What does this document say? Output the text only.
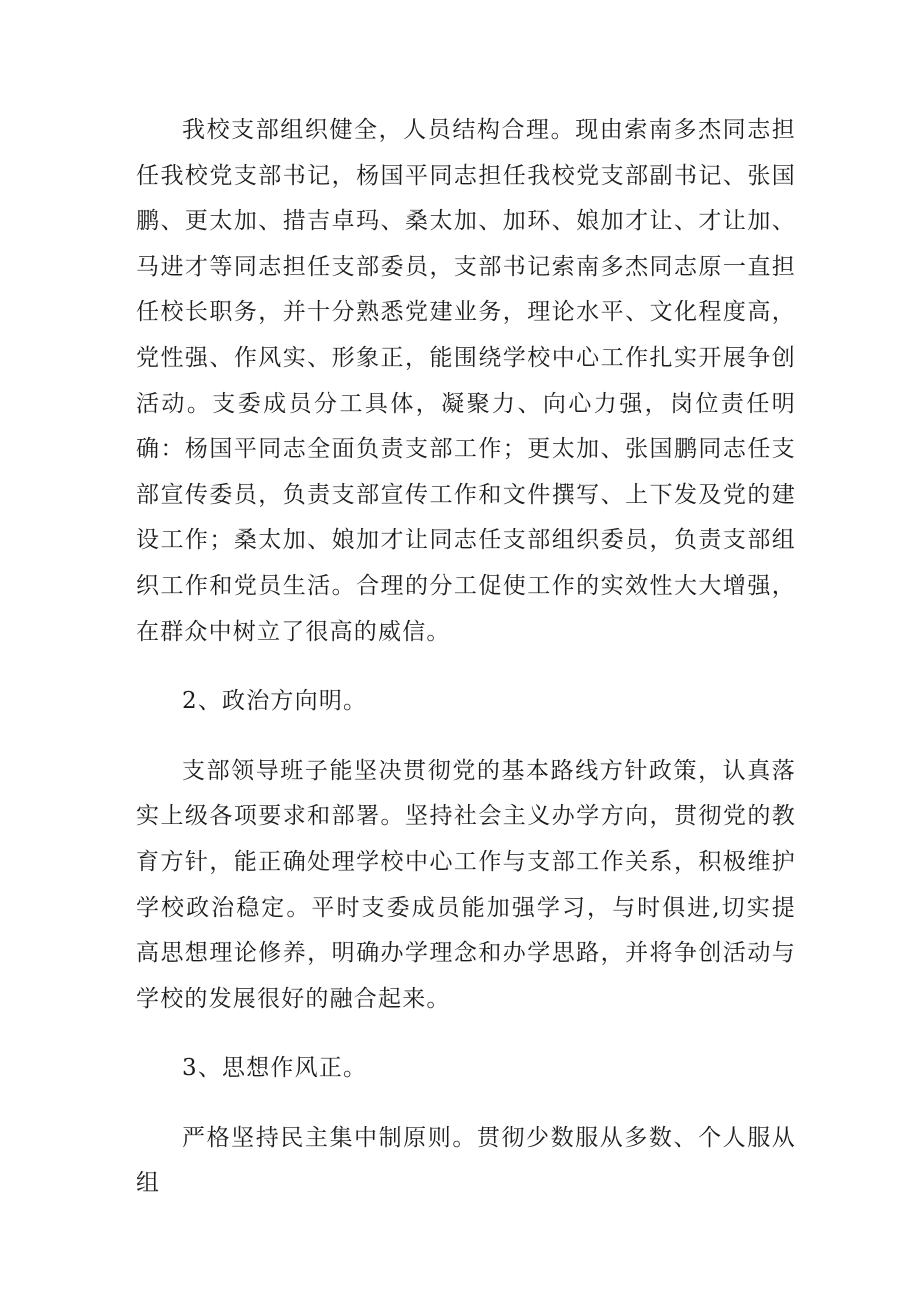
我校支部组织健全，人员结构合理。现由索南多杰同志担任我校党支部书记，杨国平同志担任我校党支部副书记、张国鹏、更太加、措吉卓玛、桑太加、加环、娘加才让、才让加、马进才等同志担任支部委员，支部书记索南多杰同志原一直担任校长职务，并十分熟悉党建业务，理论水平、文化程度高，党性强、作风实、形象正，能围绕学校中心工作扎实开展争创活动。支委成员分工具体，凝聚力、向心力强，岗位责任明确：杨国平同志全面负责支部工作；更太加、张国鹏同志任支部宣传委员，负责支部宣传工作和文件撰写、上下发及党的建设工作；桑太加、娘加才让同志任支部组织委员，负责支部组织工作和党员生活。合理的分工促使工作的实效性大大增强，在群众中树立了很高的威信。

2、政治方向明。

支部领导班子能坚决贯彻党的基本路线方针政策，认真落实上级各项要求和部署。坚持社会主义办学方向，贯彻党的教育方针，能正确处理学校中心工作与支部工作关系，积极维护学校政治稳定。平时支委成员能加强学习，与时俱进,切实提高思想理论修养，明确办学理念和办学思路，并将争创活动与学校的发展很好的融合起来。

3、思想作风正。

严格坚持民主集中制原则。贯彻少数服从多数、个人服从组
